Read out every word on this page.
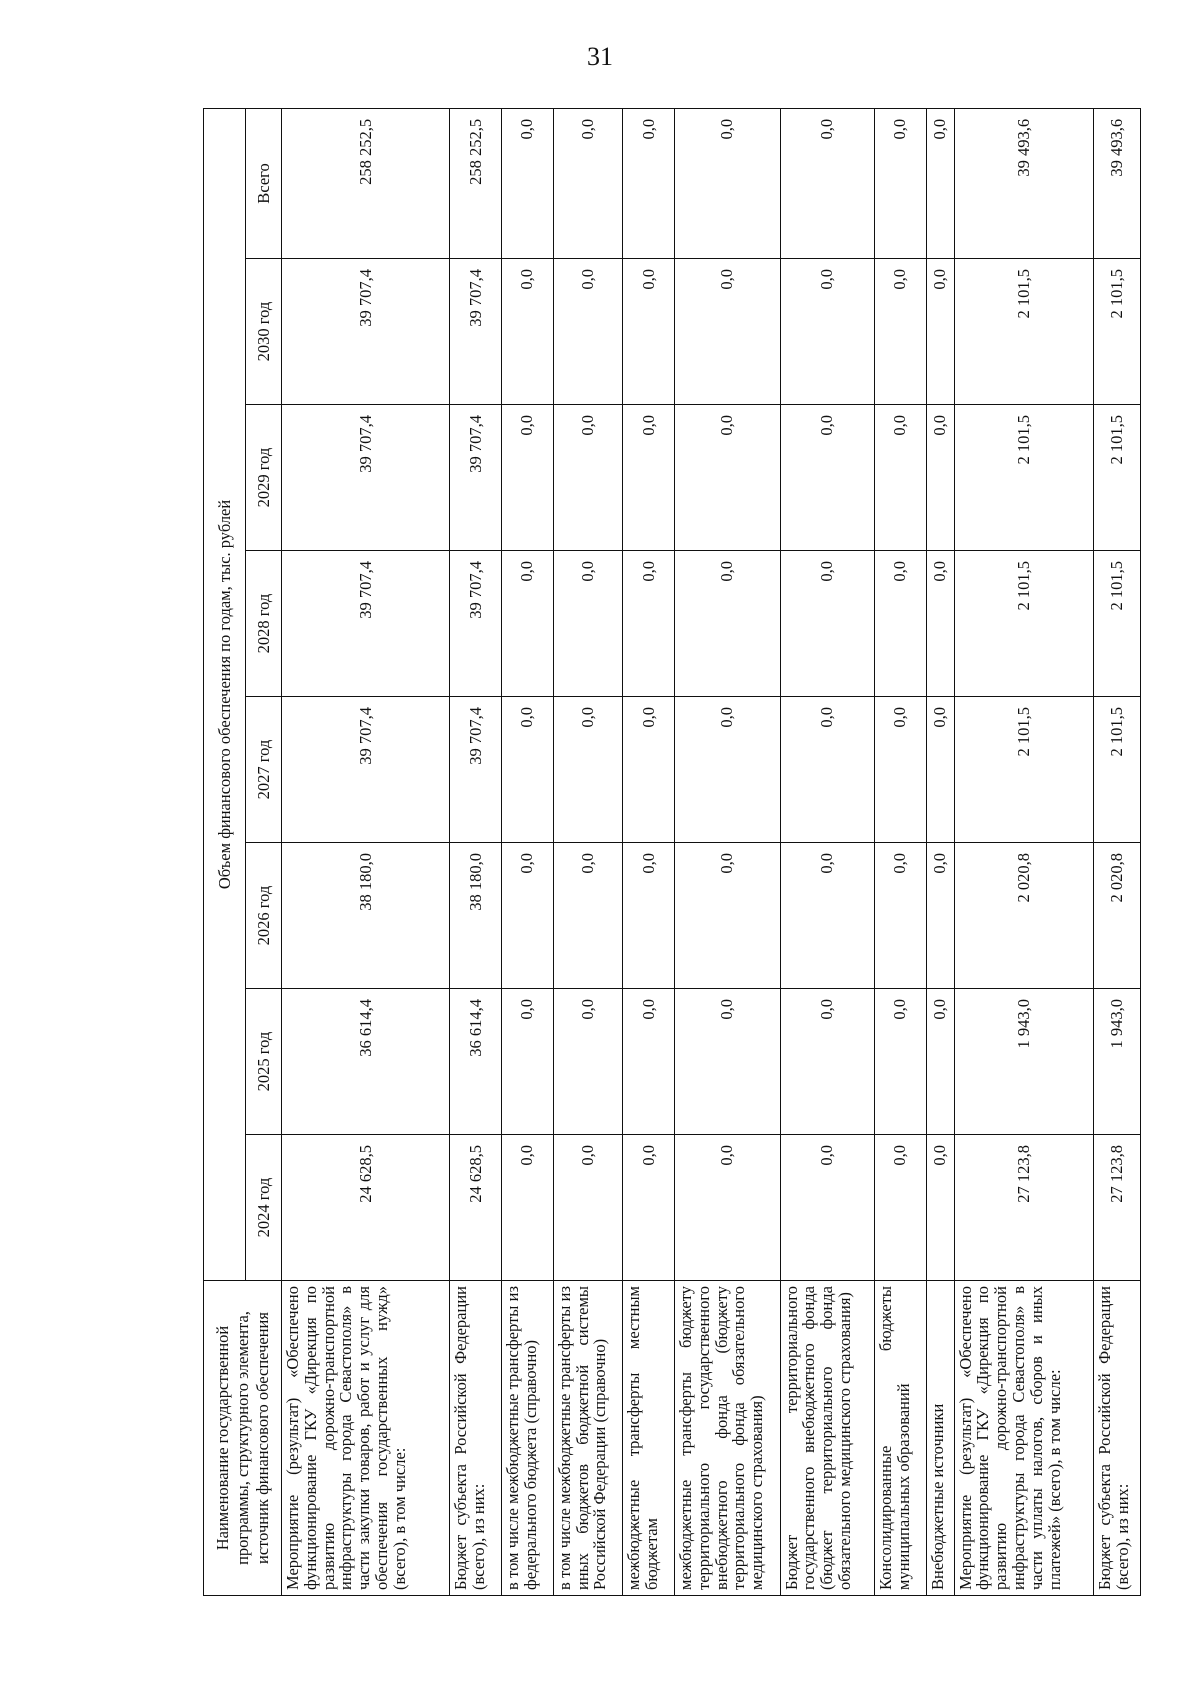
31
Наименование государственной программы, структурного элемента, источник финансового обеспечения	Объем финансового обеспечения по годам, тыс. рублей							
	2024 год	2025 год	2026 год	2027 год	2028 год	2029 год	2030 год	Всего
Мероприятие (результат) «Обеспечено функционирование ГКУ «Дирекция по развитию дорожно-транспортной инфраструктуры города Севастополя» в части закупки товаров, работ и услуг для обеспечения государственных нужд» (всего), в том числе:	24 628,5	36 614,4	38 180,0	39 707,4	39 707,4	39 707,4	39 707,4	258 252,5
Бюджет субъекта Российской Федерации (всего), из них:	24 628,5	36 614,4	38 180,0	39 707,4	39 707,4	39 707,4	39 707,4	258 252,5
в том числе межбюджетные трансферты из федерального бюджета (справочно)	0,0	0,0	0,0	0,0	0,0	0,0	0,0	0,0
в том числе межбюджетные трансферты из иных бюджетов бюджетной системы Российской Федерации (справочно)	0,0	0,0	0,0	0,0	0,0	0,0	0,0	0,0
межбюджетные трансферты местным бюджетам	0,0	0,0	0,0	0,0	0,0	0,0	0,0	0,0
межбюджетные трансферты бюджету территориального государственного внебюджетного фонда (бюджету территориального фонда обязательного медицинского страхования)	0,0	0,0	0,0	0,0	0,0	0,0	0,0	0,0
Бюджет территориального государственного внебюджетного фонда (бюджет территориального фонда обязательного медицинского страхования)	0,0	0,0	0,0	0,0	0,0	0,0	0,0	0,0
Консолидированные бюджеты муниципальных образований	0,0	0,0	0,0	0,0	0,0	0,0	0,0	0,0
Внебюджетные источники	0,0	0,0	0,0	0,0	0,0	0,0	0,0	0,0
Мероприятие (результат) «Обеспечено функционирование ГКУ «Дирекция по развитию дорожно-транспортной инфраструктуры города Севастополя» в части уплаты налогов, сборов и иных платежей» (всего), в том числе:	27 123,8	1 943,0	2 020,8	2 101,5	2 101,5	2 101,5	2 101,5	39 493,6
Бюджет субъекта Российской Федерации (всего), из них:	27 123,8	1 943,0	2 020,8	2 101,5	2 101,5	2 101,5	2 101,5	39 493,6
